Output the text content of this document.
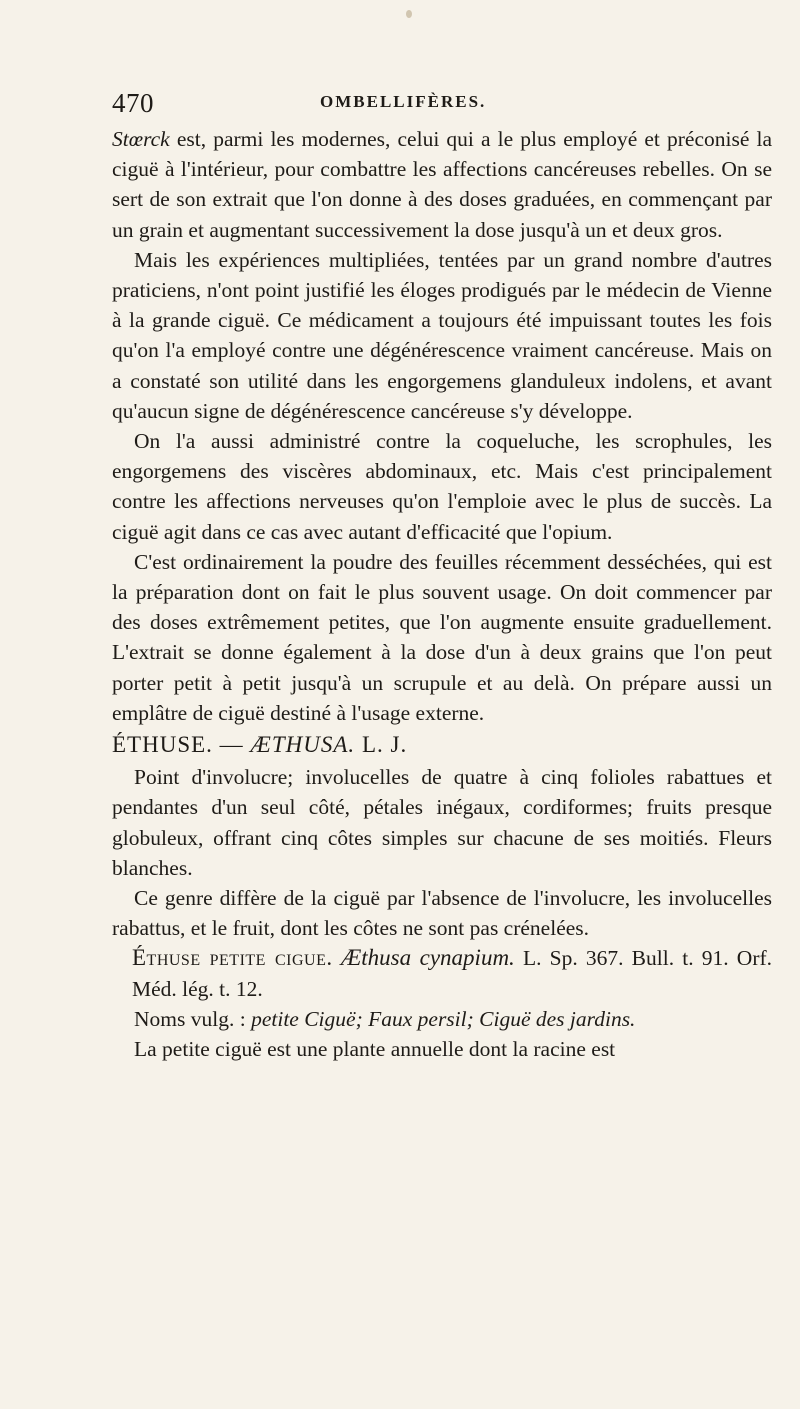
470	OMBELLIFÈRES.

Stœrck est, parmi les modernes, celui qui a le plus employé et préconisé la ciguë à l'intérieur, pour combattre les affections cancéreuses rebelles. On se sert de son extrait que l'on donne à des doses graduées, en commençant par un grain et augmentant successivement la dose jusqu'à un et deux gros.

Mais les expériences multipliées, tentées par un grand nombre d'autres praticiens, n'ont point justifié les éloges prodigués par le médecin de Vienne à la grande ciguë. Ce médicament a toujours été impuissant toutes les fois qu'on l'a employé contre une dégénérescence vraiment cancéreuse. Mais on a constaté son utilité dans les engorgemens glanduleux indolens, et avant qu'aucun signe de dégénérescence cancéreuse s'y développe.

On l'a aussi administré contre la coqueluche, les scrophules, les engorgemens des viscères abdominaux, etc. Mais c'est principalement contre les affections nerveuses qu'on l'emploie avec le plus de succès. La ciguë agit dans ce cas avec autant d'efficacité que l'opium.

C'est ordinairement la poudre des feuilles récemment desséchées, qui est la préparation dont on fait le plus souvent usage. On doit commencer par des doses extrêmement petites, que l'on augmente ensuite graduellement. L'extrait se donne également à la dose d'un à deux grains que l'on peut porter petit à petit jusqu'à un scrupule et au delà. On prépare aussi un emplâtre de ciguë destiné à l'usage externe.

ÉTHUSE. — ÆTHUSA. L. J.

Point d'involucre; involucelles de quatre à cinq folioles rabattues et pendantes d'un seul côté, pétales inégaux, cordiformes; fruits presque globuleux, offrant cinq côtes simples sur chacune de ses moitiés. Fleurs blanches.

Ce genre diffère de la ciguë par l'absence de l'involucre, les involucelles rabattus, et le fruit, dont les côtes ne sont pas crénelées.

Éthuse petite cigue. Æthusa cynapium. L. Sp. 367. Bull. t. 91. Orf. Méd. lég. t. 12.

Noms vulg. : petite Ciguë; Faux persil; Ciguë des jardins.

La petite ciguë est une plante annuelle dont la racine est
